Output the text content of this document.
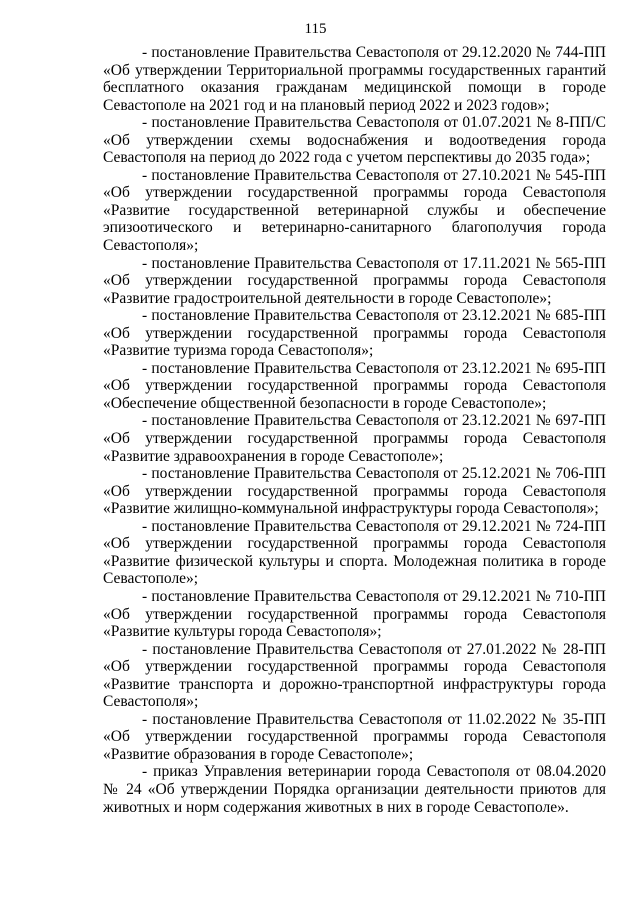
115

- постановление Правительства Севастополя от 29.12.2020 № 744-ПП «Об утверждении Территориальной программы государственных гарантий бесплатного оказания гражданам медицинской помощи в городе Севастополе на 2021 год и на плановый период 2022 и 2023 годов»;

- постановление Правительства Севастополя от 01.07.2021 № 8-ПП/С «Об утверждении схемы водоснабжения и водоотведения города Севастополя на период до 2022 года с учетом перспективы до 2035 года»;

- постановление Правительства Севастополя от 27.10.2021 № 545-ПП «Об утверждении государственной программы города Севастополя «Развитие государственной ветеринарной службы и обеспечение эпизоотического и ветеринарно-санитарного благополучия города Севастополя»;

- постановление Правительства Севастополя от 17.11.2021 № 565-ПП «Об утверждении государственной программы города Севастополя «Развитие градостроительной деятельности в городе Севастополе»;

- постановление Правительства Севастополя от 23.12.2021 № 685-ПП «Об утверждении государственной программы города Севастополя «Развитие туризма города Севастополя»;

- постановление Правительства Севастополя от 23.12.2021 № 695-ПП «Об утверждении государственной программы города Севастополя «Обеспечение общественной безопасности в городе Севастополе»;

- постановление Правительства Севастополя от 23.12.2021 № 697-ПП «Об утверждении государственной программы города Севастополя «Развитие здравоохранения в городе Севастополе»;

- постановление Правительства Севастополя от 25.12.2021 № 706-ПП «Об утверждении государственной программы города Севастополя «Развитие жилищно-коммунальной инфраструктуры города Севастополя»;

- постановление Правительства Севастополя от 29.12.2021 № 724-ПП «Об утверждении государственной программы города Севастополя «Развитие физической культуры и спорта. Молодежная политика в городе Севастополе»;

- постановление Правительства Севастополя от 29.12.2021 № 710-ПП «Об утверждении государственной программы города Севастополя «Развитие культуры города Севастополя»;

- постановление Правительства Севастополя от 27.01.2022 № 28-ПП «Об утверждении государственной программы города Севастополя «Развитие транспорта и дорожно-транспортной инфраструктуры города Севастополя»;

- постановление Правительства Севастополя от 11.02.2022 № 35-ПП «Об утверждении государственной программы города Севастополя «Развитие образования в городе Севастополе»;

- приказ Управления ветеринарии города Севастополя от 08.04.2020 № 24 «Об утверждении Порядка организации деятельности приютов для животных и норм содержания животных в них в городе Севастополе».
